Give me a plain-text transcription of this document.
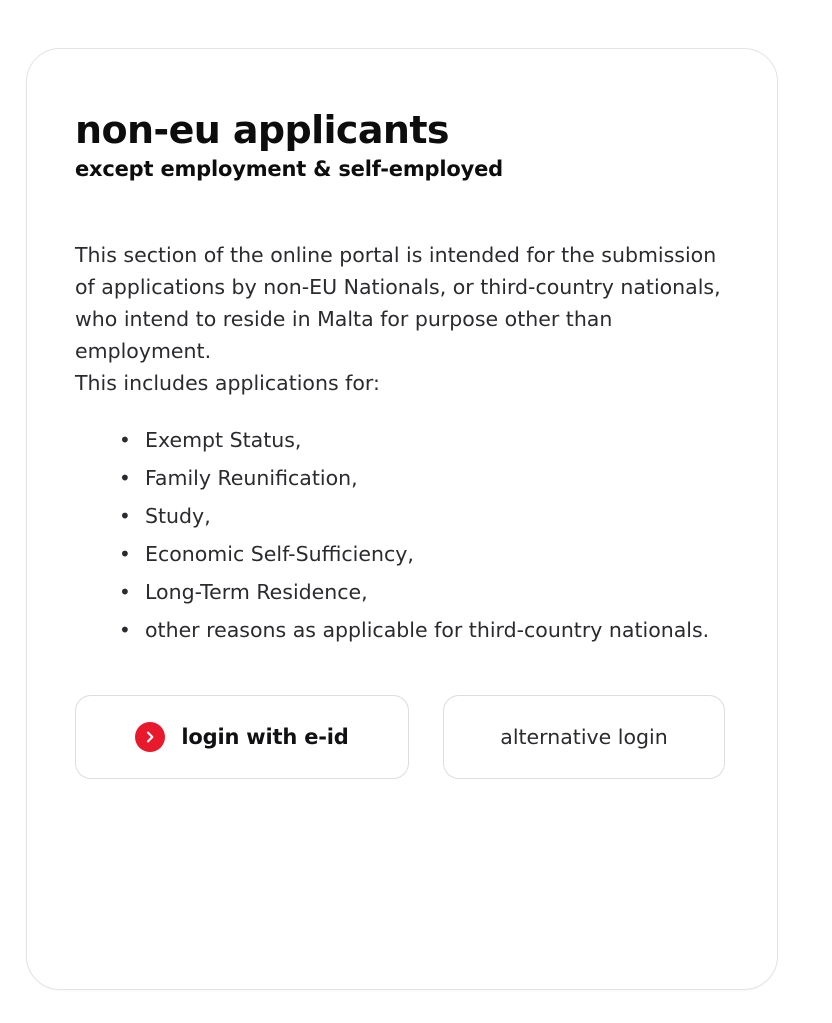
non-eu applicants
except employment & self-employed

This section of the online portal is intended for the submission of applications by non-EU Nationals, or third-country nationals, who intend to reside in Malta for purpose other than employment.

This includes applications for:

• Exempt Status,
• Family Reunification,
• Study,
• Economic Self-Sufficiency,
• Long-Term Residence,
• other reasons as applicable for third-country nationals.
login with e-id	alternative login
